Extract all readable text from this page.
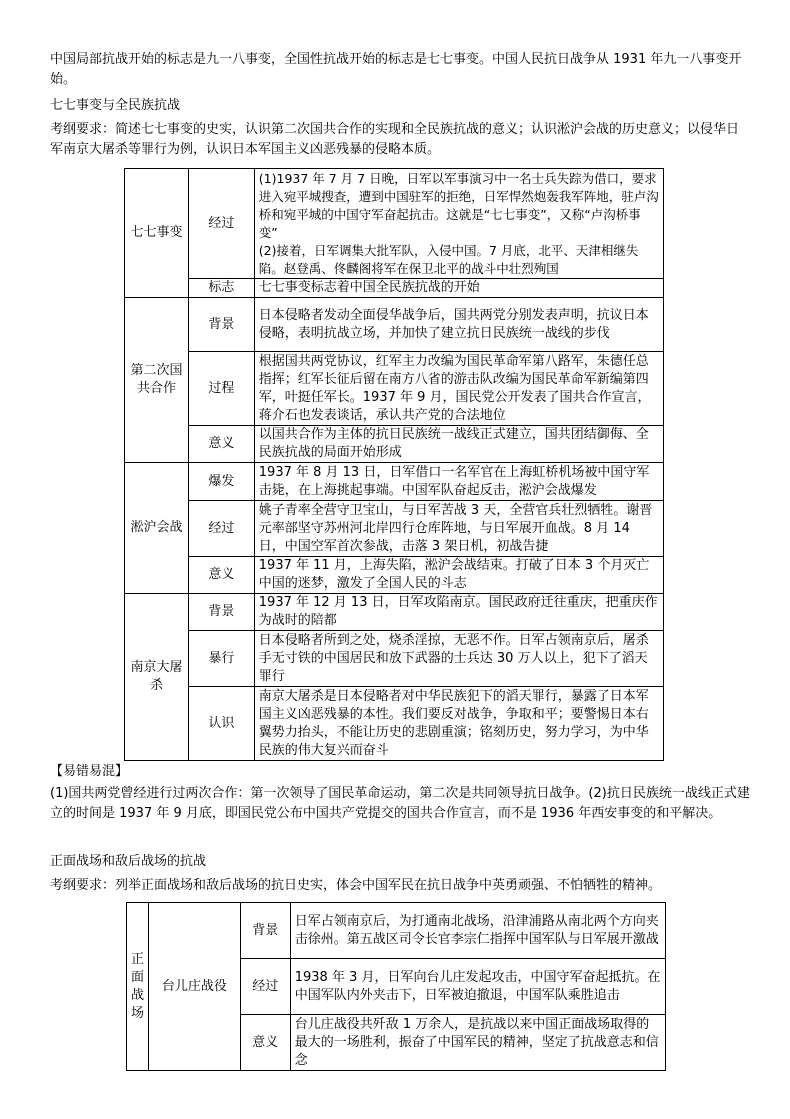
中国局部抗战开始的标志是九一八事变，全国性抗战开始的标志是七七事变。中国人民抗日战争从 1931 年九一八事变开始。
七七事变与全民族抗战
考纲要求：简述七七事变的史实，认识第二次国共合作的实现和全民族抗战的意义；认识淞沪会战的历史意义；以侵华日军南京大屠杀等罪行为例，认识日本军国主义凶恶残暴的侵略本质。
七七事变	经过	(1)1937 年 7 月 7 日晚，日军以军事演习中一名士兵失踪为借口，要求进入宛平城搜查，遭到中国驻军的拒绝，日军悍然炮轰我军阵地，驻卢沟桥和宛平城的中国守军奋起抗击。这就是“七七事变”，又称“卢沟桥事变”
(2)接着，日军调集大批军队，入侵中国。7 月底，北平、天津相继失陷。赵登禹、佟麟阁将军在保卫北平的战斗中壮烈殉国
	标志	七七事变标志着中国全民族抗战的开始
第二次国共合作	背景	日本侵略者发动全面侵华战争后，国共两党分别发表声明，抗议日本侵略，表明抗战立场，并加快了建立抗日民族统一战线的步伐
	过程	根据国共两党协议，红军主力改编为国民革命军第八路军，朱德任总指挥；红军长征后留在南方八省的游击队改编为国民革命军新编第四军，叶挺任军长。1937 年 9 月，国民党公开发表了国共合作宣言，蒋介石也发表谈话，承认共产党的合法地位
	意义	以国共合作为主体的抗日民族统一战线正式建立，国共团结御侮、全民族抗战的局面开始形成
淞沪会战	爆发	1937 年 8 月 13 日，日军借口一名军官在上海虹桥机场被中国守军击毙，在上海挑起事端。中国军队奋起反击，淞沪会战爆发
	经过	姚子青率全营守卫宝山，与日军苦战 3 天，全营官兵壮烈牺牲。谢晋元率部坚守苏州河北岸四行仓库阵地，与日军展开血战。8 月 14 日，中国空军首次参战，击落 3 架日机，初战告捷
	意义	1937 年 11 月，上海失陷，淞沪会战结束。打破了日本 3 个月灭亡中国的迷梦，激发了全国人民的斗志
南京大屠杀	背景	1937 年 12 月 13 日，日军攻陷南京。国民政府迁往重庆，把重庆作为战时的陪都
	暴行	日本侵略者所到之处，烧杀淫掠，无恶不作。日军占领南京后，屠杀手无寸铁的中国居民和放下武器的士兵达 30 万人以上，犯下了滔天罪行
	认识	南京大屠杀是日本侵略者对中华民族犯下的滔天罪行，暴露了日本军国主义凶恶残暴的本性。我们要反对战争，争取和平；要警惕日本右翼势力抬头，不能让历史的悲剧重演；铭刻历史，努力学习，为中华民族的伟大复兴而奋斗
【易错易混】
(1)国共两党曾经进行过两次合作：第一次领导了国民革命运动，第二次是共同领导抗日战争。(2)抗日民族统一战线正式建立的时间是 1937 年 9 月底，即国民党公布中国共产党提交的国共合作宣言，而不是 1936 年西安事变的和平解决。
正面战场和敌后战场的抗战
考纲要求：列举正面战场和敌后战场的抗日史实，体会中国军民在抗日战争中英勇顽强、不怕牺牲的精神。
正面战场	台儿庄战役	背景	日军占领南京后，为打通南北战场，沿津浦路从南北两个方向夹击徐州。第五战区司令长官李宗仁指挥中国军队与日军展开激战
		经过	1938 年 3 月，日军向台儿庄发起攻击，中国守军奋起抵抗。在中国军队内外夹击下，日军被迫撤退，中国军队乘胜追击
		意义	台儿庄战役共歼敌 1 万余人，是抗战以来中国正面战场取得的最大的一场胜利，振奋了中国军民的精神，坚定了抗战意志和信念
